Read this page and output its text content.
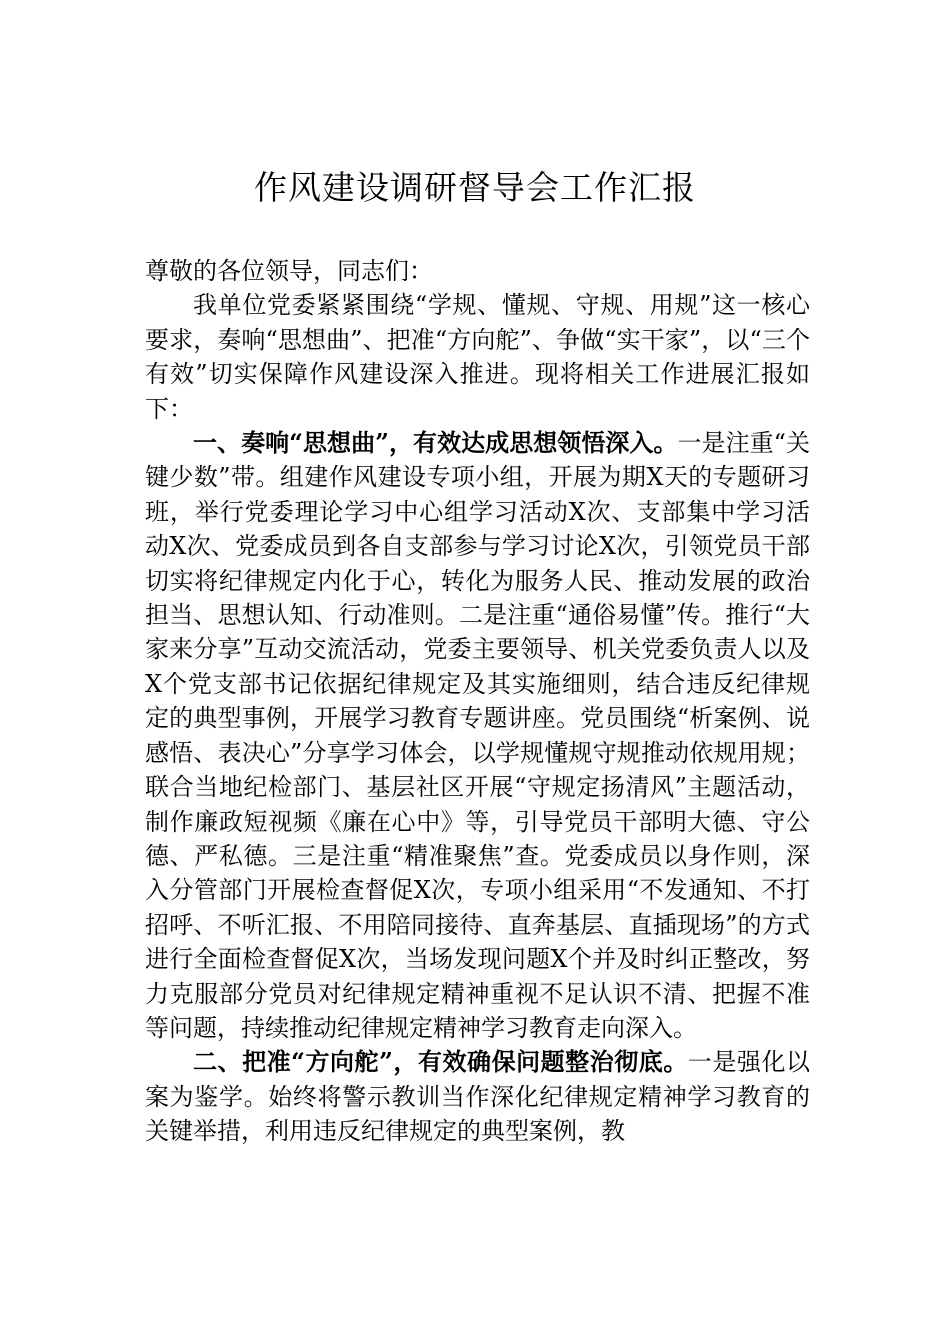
作风建设调研督导会工作汇报

尊敬的各位领导，同志们：

我单位党委紧紧围绕“学规、懂规、守规、用规”这一核心要求，奏响“思想曲”、把准“方向舵”、争做“实干家”，以“三个有效”切实保障作风建设深入推进。现将相关工作进展汇报如下：

一、奏响“思想曲”，有效达成思想领悟深入。一是注重“关键少数”带。组建作风建设专项小组，开展为期X天的专题研习班，举行党委理论学习中心组学习活动X次、支部集中学习活动X次、党委成员到各自支部参与学习讨论X次，引领党员干部切实将纪律规定内化于心，转化为服务人民、推动发展的政治担当、思想认知、行动准则。二是注重“通俗易懂”传。推行“大家来分享”互动交流活动，党委主要领导、机关党委负责人以及X个党支部书记依据纪律规定及其实施细则，结合违反纪律规定的典型事例，开展学习教育专题讲座。党员围绕“析案例、说感悟、表决心”分享学习体会，以学规懂规守规推动依规用规；联合当地纪检部门、基层社区开展“守规定扬清风”主题活动，制作廉政短视频《廉在心中》等，引导党员干部明大德、守公德、严私德。三是注重“精准聚焦”查。党委成员以身作则，深入分管部门开展检查督促X次，专项小组采用“不发通知、不打招呼、不听汇报、不用陪同接待、直奔基层、直插现场”的方式进行全面检查督促X次，当场发现问题X个并及时纠正整改，努力克服部分党员对纪律规定精神重视不足认识不清、把握不准等问题，持续推动纪律规定精神学习教育走向深入。

二、把准“方向舵”，有效确保问题整治彻底。一是强化以案为鉴学。始终将警示教训当作深化纪律规定精神学习教育的关键举措，利用违反纪律规定的典型案例，教
